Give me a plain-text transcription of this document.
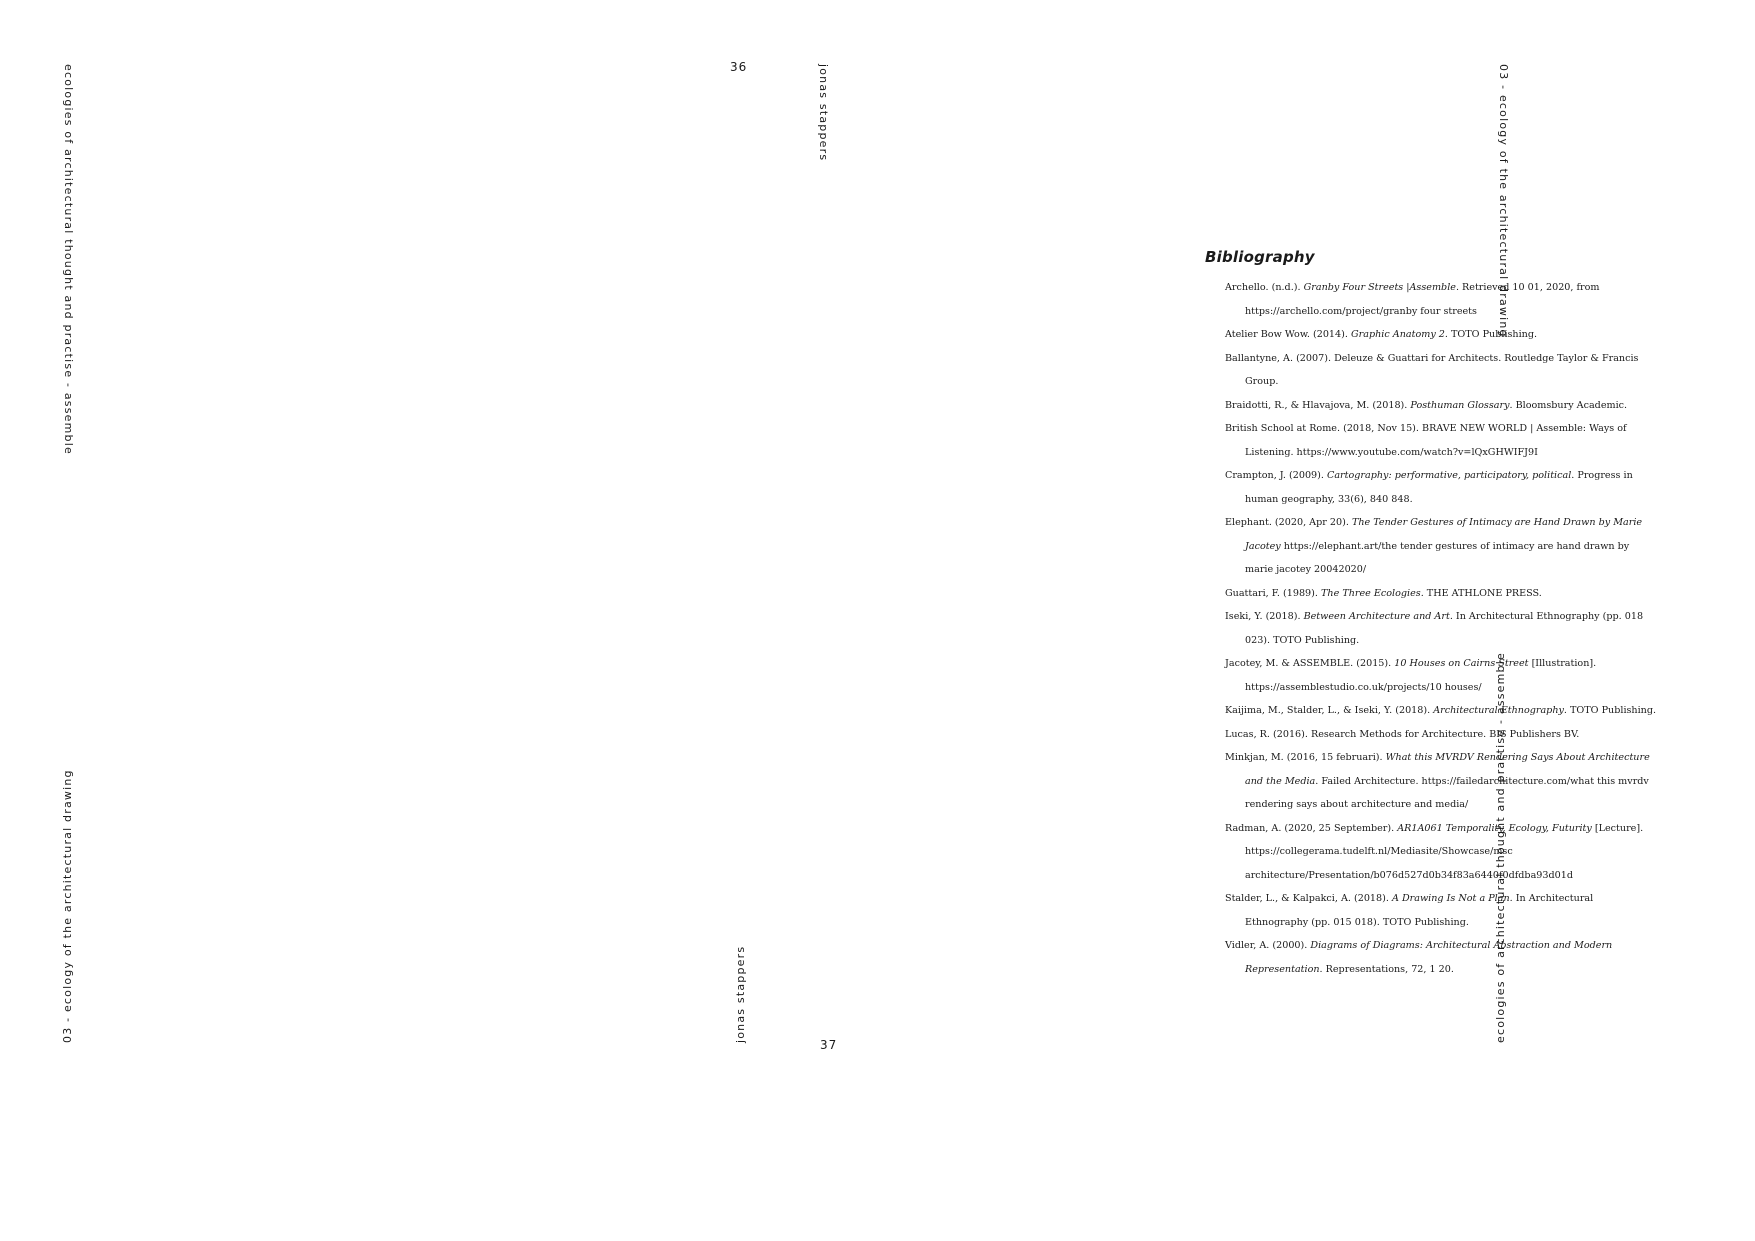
ecologies of architectural thought and practise - assemble
03 - ecology of the architectural drawing
36	jonas stappers
jonas stappers
37
03 - ecology of the architectural drawing
ecologies of architectural thought and practise - assemble
Bibliography
Archello. (n.d.). Granby Four Streets |Assemble. Retrieved 10 01, 2020, from https://archello.com/project/granby four streets
Atelier Bow Wow. (2014). Graphic Anatomy 2. TOTO Publishing.
Ballantyne, A. (2007). Deleuze & Guattari for Architects. Routledge Taylor & Francis Group.
Braidotti, R., & Hlavajova, M. (2018). Posthuman Glossary. Bloomsbury Academic.
British School at Rome. (2018, Nov 15). BRAVE NEW WORLD | Assemble: Ways of Listening. https://www.youtube.com/watch?v=lQxGHWIFJ9I
Crampton, J. (2009). Cartography: performative, participatory, political. Progress in human geography, 33(6), 840 848.
Elephant. (2020, Apr 20). The Tender Gestures of Intimacy are Hand Drawn by Marie Jacotey https://elephant.art/the tender gestures of intimacy are hand drawn by marie jacotey 20042020/
Guattari, F. (1989). The Three Ecologies. THE ATHLONE PRESS.
Iseki, Y. (2018). Between Architecture and Art. In Architectural Ethnography (pp. 018 023). TOTO Publishing.
Jacotey, M. & ASSEMBLE. (2015). 10 Houses on Cairns Street [Illustration]. https://assemblestudio.co.uk/projects/10 houses/
Kaijima, M., Stalder, L., & Iseki, Y. (2018). Architectural Ethnography. TOTO Publishing.
Lucas, R. (2016). Research Methods for Architecture. BIS Publishers BV.
Minkjan, M. (2016, 15 februari). What this MVRDV Rendering Says About Architecture and the Media. Failed Architecture. https://failedarchitecture.com/what this mvrdv rendering says about architecture and media/
Radman, A. (2020, 25 September). AR1A061 Temporality, Ecology, Futurity [Lecture]. https://collegerama.tudelft.nl/Mediasite/Showcase/msc architecture/Presentation/b076d527d0b34f83a6440f0dfdba93d01d
Stalder, L., & Kalpakci, A. (2018). A Drawing Is Not a Plan. In Architectural Ethnography (pp. 015 018). TOTO Publishing.
Vidler, A. (2000). Diagrams of Diagrams: Architectural Abstraction and Modern Representation. Representations, 72, 1 20.
